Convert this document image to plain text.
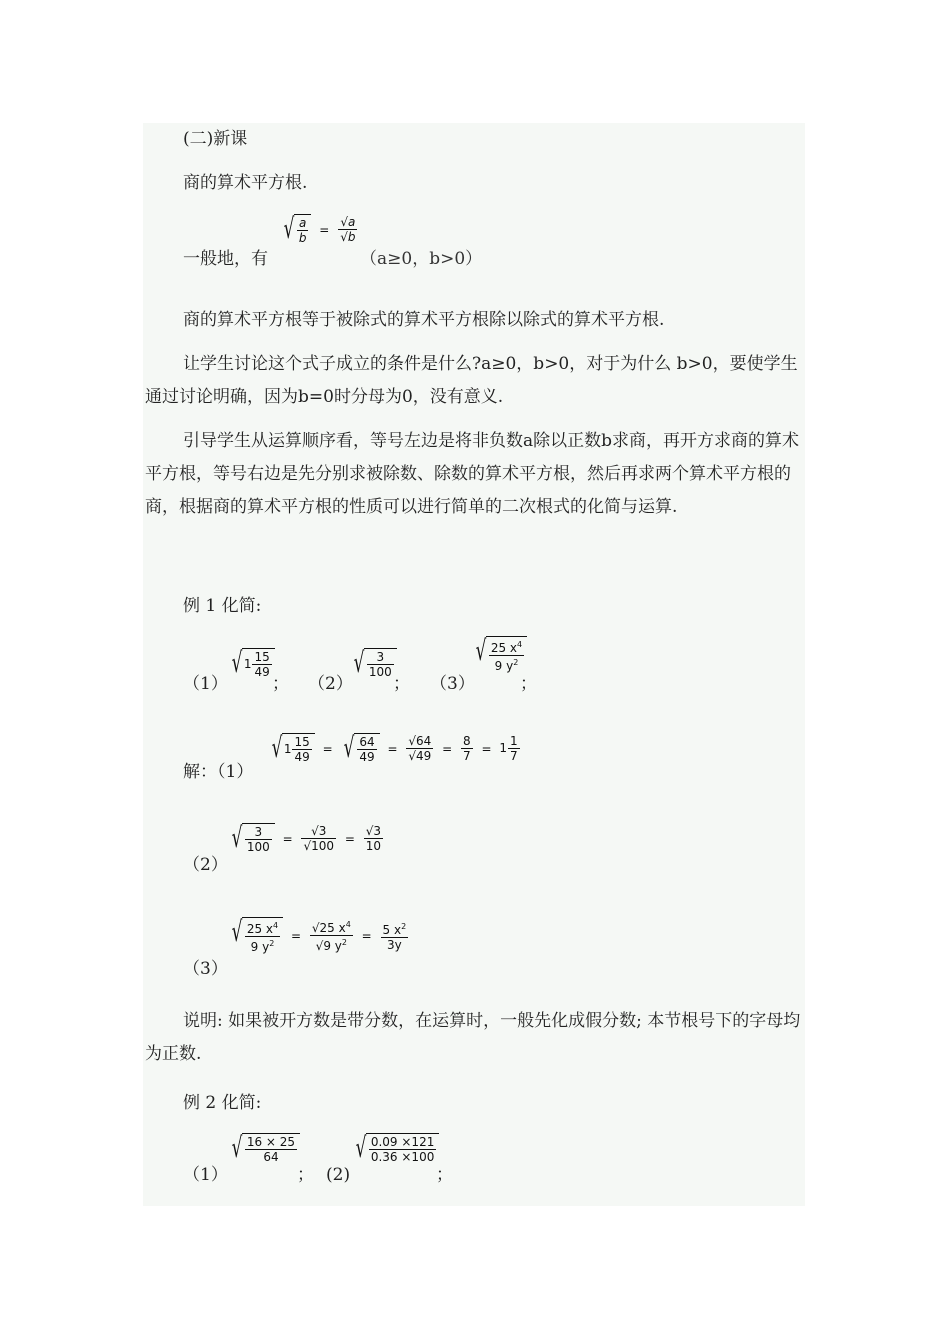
(二)新课
商的算术平方根.
一般地，有
√ $\frac{a}{b} = \frac{√a}{√b}$
（a≥0，b>0）
商的算术平方根等于被除式的算术平方根除以除式的算术平方根.
让学生讨论这个式子成立的条件是什么?a≥0，b>0，对于为什么 b>0，要使学生通过讨论明确，因为b=0时分母为0，没有意义.
引导学生从运算顺序看，等号左边是将非负数a除以正数b求商，再开方求商的算术平方根，等号右边是先分别求被除数、除数的算术平方根，然后再求两个算术平方根的商，根据商的算术平方根的性质可以进行简单的二次根式的化简与运算.
例 1 化简:
（1）
√ $1 \frac{15}{49}$
； （2）
√ $\frac{3}{100}$
； （3）
√ $\frac{25 x^4}{9 y^2}$
；
解：（1）
√ $1 \frac{15}{49}$ = √ $\frac{64}{49} = \frac{√64}{√49} = \frac{8}{7} = 1 \frac{1}{7}$
（2）
√ $\frac{3}{100} = \frac{√3}{√100} = \frac{√3}{10}$
（3）
√ $\frac{25 x^4}{9 y^2} = \frac{√25 x^4}{√9 y^2} = \frac{5 x^2}{3y}$
说明: 如果被开方数是带分数，在运算时，一般先化成假分数; 本节根号下的字母均为正数.
例 2 化简:
（1）
√ $\frac{16 \times 25}{64}$
； (2)
√ $\frac{0.09 \times 121}{0.36 \times 100}$
；
